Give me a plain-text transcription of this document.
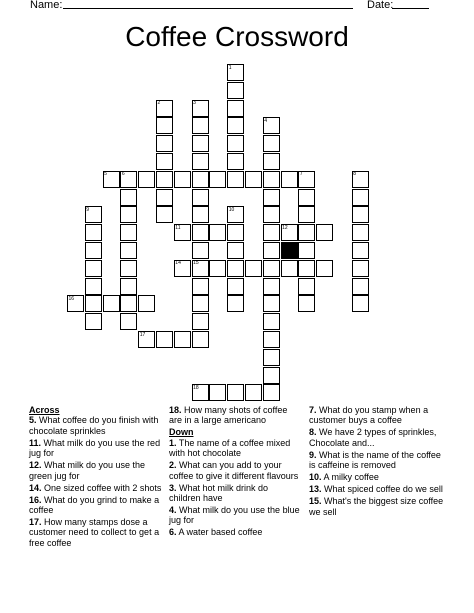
Name:	Date:
Coffee Crossword
1
2	3
4
5	6	7	8
9	10
11	12
13
14 15
16
17
18
Across
5. What coffee do you finish with chocolate sprinkles
11. What milk do you use the red jug for
12. What milk do you use the green jug for
14. One sized coffee with 2 shots
16. What do you grind to make a coffee
17. How many stamps dose a customer need to collect to get a free coffee
18. How many shots of coffee are in a large americano
Down
1. The name of a coffee mixed with hot chocolate
2. What can you add to your coffee to give it different flavours
3. What hot milk drink do children have
4. What milk do you use the blue jug for
6. A water based coffee
7. What do you stamp when a customer buys a coffee
8. We have 2 types of sprinkles, Chocolate and...
9. What is the name of the coffee is caffeine is removed
10. A milky coffee
13. What spiced coffee do we sell
15. What's the biggest size coffee we sell
